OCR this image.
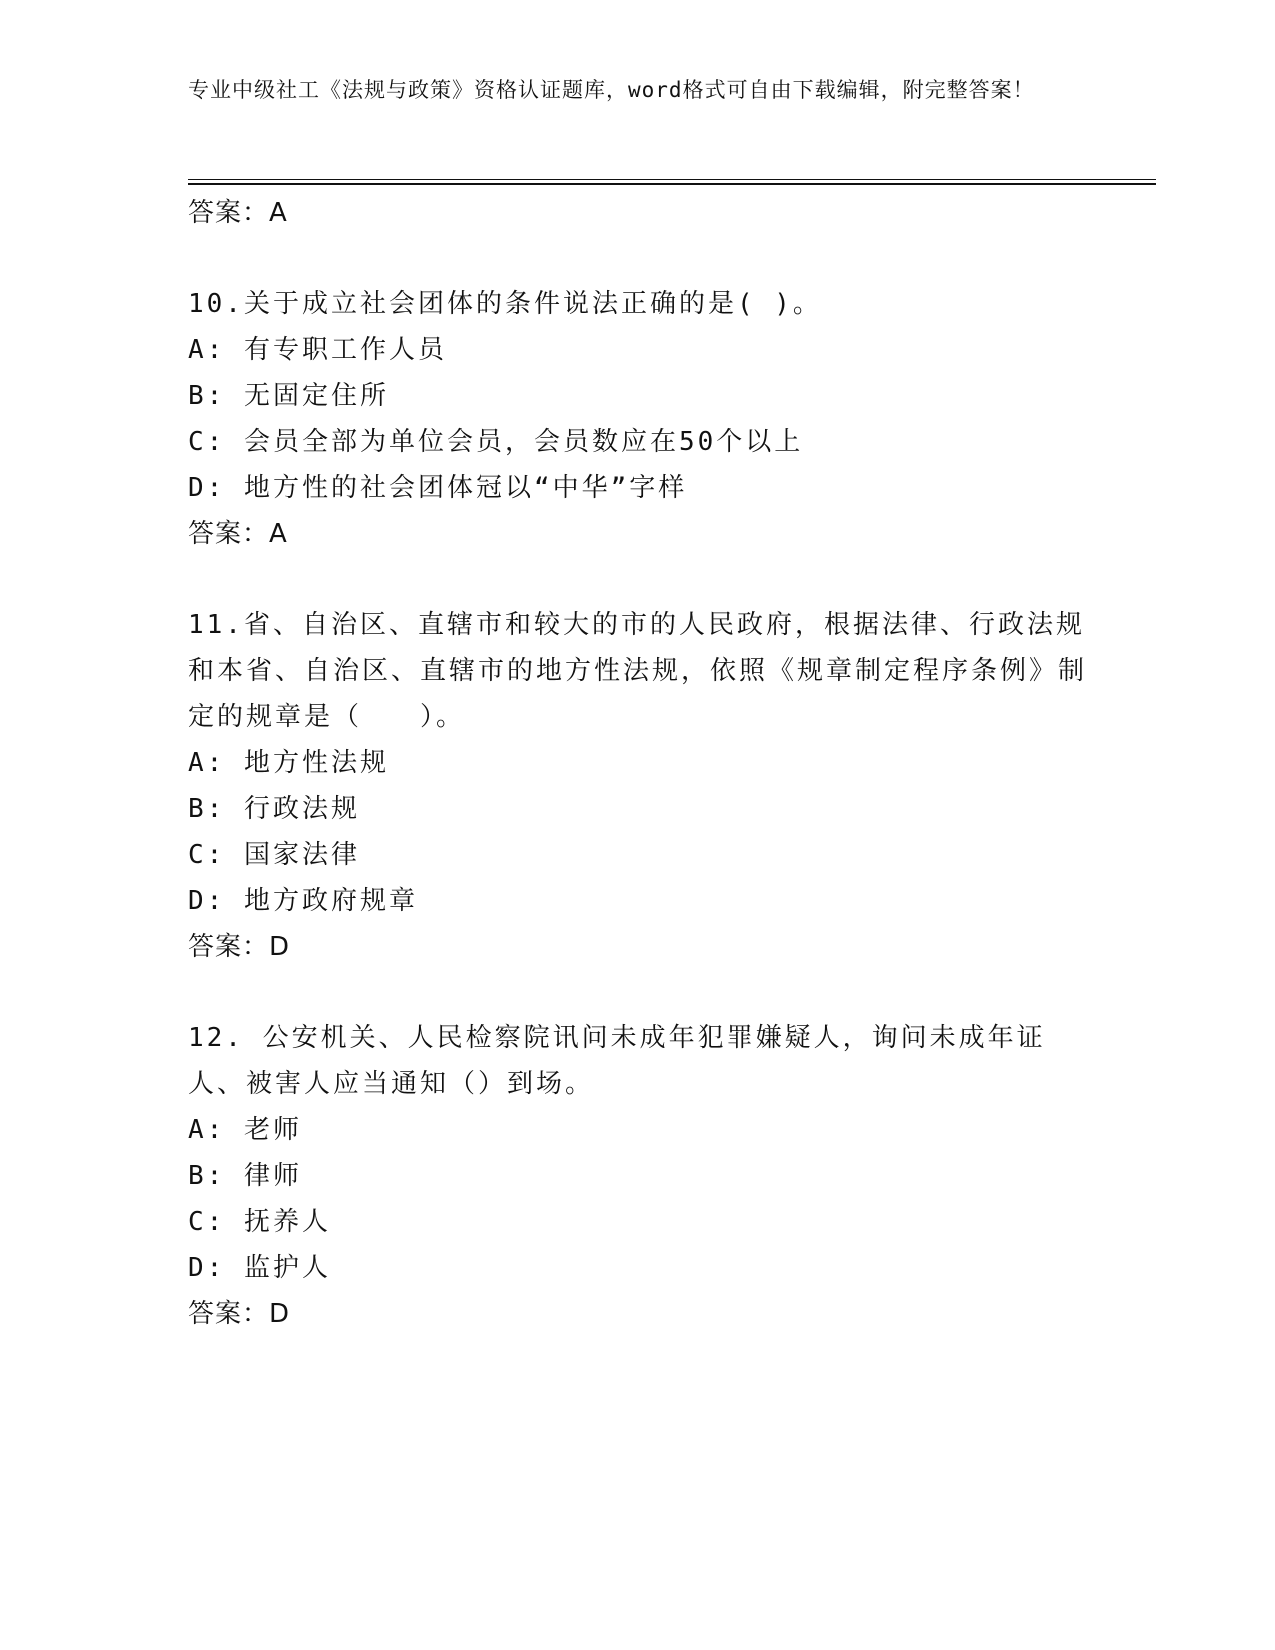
专业中级社工《法规与政策》资格认证题库，word格式可自由下载编辑，附完整答案！

答案：A

10.关于成立社会团体的条件说法正确的是( )。

A: 有专职工作人员

B: 无固定住所

C: 会员全部为单位会员，会员数应在50个以上

D: 地方性的社会团体冠以“中华”字样

答案：A

11.省、自治区、直辖市和较大的市的人民政府，根据法律、行政法规和本省、自治区、直辖市的地方性法规，依照《规章制定程序条例》制定的规章是（　　）。

A: 地方性法规

B: 行政法规

C: 国家法律

D: 地方政府规章

答案：D

12. 公安机关、人民检察院讯问未成年犯罪嫌疑人，询问未成年证人、被害人应当通知（）到场。

A: 老师

B: 律师

C: 抚养人

D: 监护人

答案：D
